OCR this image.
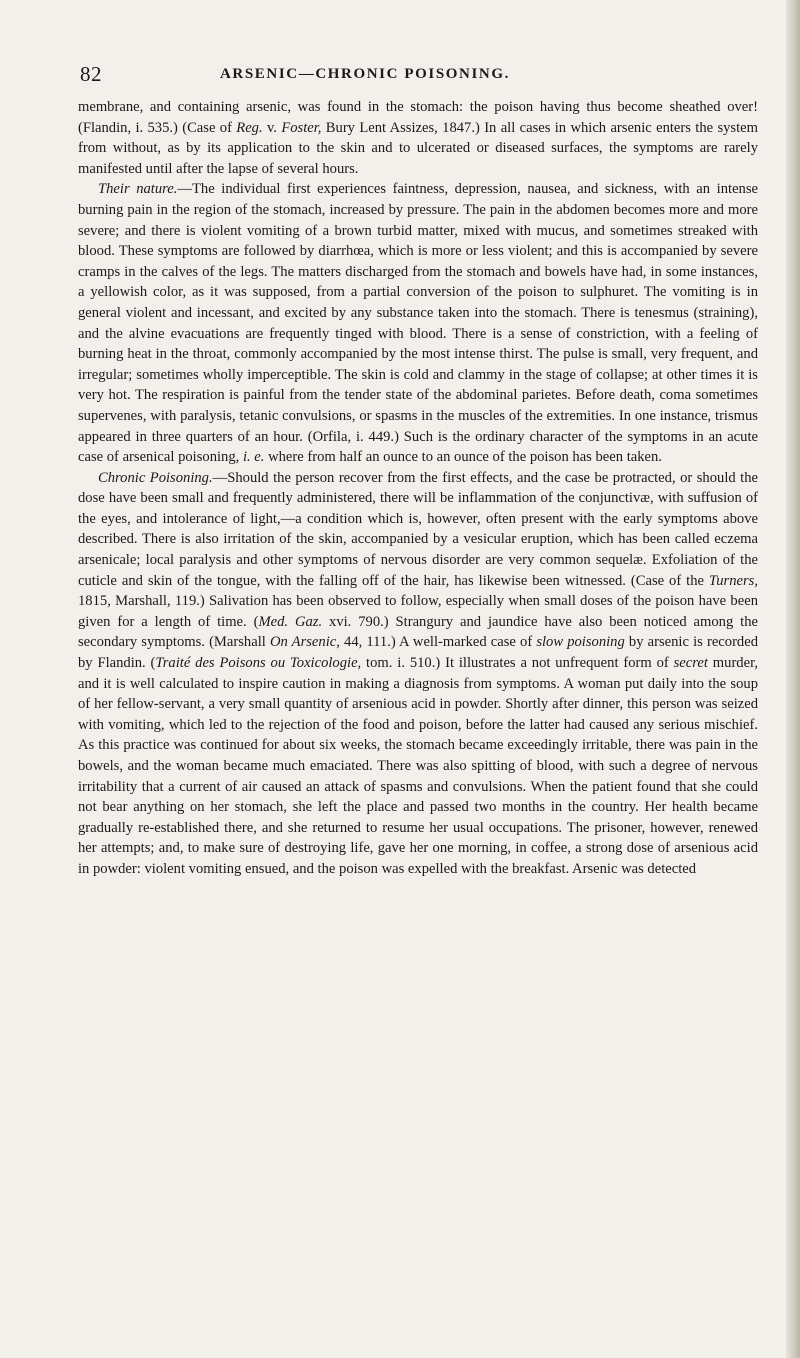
82	ARSENIC—CHRONIC POISONING.

membrane, and containing arsenic, was found in the stomach: the poison having thus become sheathed over! (Flandin, i. 535.) (Case of Reg. v. Foster, Bury Lent Assizes, 1847.) In all cases in which arsenic enters the system from without, as by its application to the skin and to ulcerated or diseased surfaces, the symptoms are rarely manifested until after the lapse of several hours.

Their nature.—The individual first experiences faintness, depression, nausea, and sickness, with an intense burning pain in the region of the stomach, increased by pressure. The pain in the abdomen becomes more and more severe; and there is violent vomiting of a brown turbid matter, mixed with mucus, and sometimes streaked with blood. These symptoms are followed by diarrhœa, which is more or less violent; and this is accompanied by severe cramps in the calves of the legs. The matters discharged from the stomach and bowels have had, in some instances, a yellowish color, as it was supposed, from a partial conversion of the poison to sulphuret. The vomiting is in general violent and incessant, and excited by any substance taken into the stomach. There is tenesmus (straining), and the alvine evacuations are frequently tinged with blood. There is a sense of constriction, with a feeling of burning heat in the throat, commonly accompanied by the most intense thirst. The pulse is small, very frequent, and irregular; sometimes wholly imperceptible. The skin is cold and clammy in the stage of collapse; at other times it is very hot. The respiration is painful from the tender state of the abdominal parietes. Before death, coma sometimes supervenes, with paralysis, tetanic convulsions, or spasms in the muscles of the extremities. In one instance, trismus appeared in three quarters of an hour. (Orfila, i. 449.) Such is the ordinary character of the symptoms in an acute case of arsenical poisoning, i. e. where from half an ounce to an ounce of the poison has been taken.

Chronic Poisoning.—Should the person recover from the first effects, and the case be protracted, or should the dose have been small and frequently administered, there will be inflammation of the conjunctivæ, with suffusion of the eyes, and intolerance of light,—a condition which is, however, often present with the early symptoms above described. There is also irritation of the skin, accompanied by a vesicular eruption, which has been called eczema arsenicale; local paralysis and other symptoms of nervous disorder are very common sequelæ. Exfoliation of the cuticle and skin of the tongue, with the falling off of the hair, has likewise been witnessed. (Case of the Turners, 1815, Marshall, 119.) Salivation has been observed to follow, especially when small doses of the poison have been given for a length of time. (Med. Gaz. xvi. 790.) Strangury and jaundice have also been noticed among the secondary symptoms. (Marshall On Arsenic, 44, 111.) A well-marked case of slow poisoning by arsenic is recorded by Flandin. (Traité des Poisons ou Toxicologie, tom. i. 510.) It illustrates a not unfrequent form of secret murder, and it is well calculated to inspire caution in making a diagnosis from symptoms. A woman put daily into the soup of her fellow-servant, a very small quantity of arsenious acid in powder. Shortly after dinner, this person was seized with vomiting, which led to the rejection of the food and poison, before the latter had caused any serious mischief. As this practice was continued for about six weeks, the stomach became exceedingly irritable, there was pain in the bowels, and the woman became much emaciated. There was also spitting of blood, with such a degree of nervous irritability that a current of air caused an attack of spasms and convulsions. When the patient found that she could not bear anything on her stomach, she left the place and passed two months in the country. Her health became gradually re-established there, and she returned to resume her usual occupations. The prisoner, however, renewed her attempts; and, to make sure of destroying life, gave her one morning, in coffee, a strong dose of arsenious acid in powder: violent vomiting ensued, and the poison was expelled with the breakfast. Arsenic was detected
